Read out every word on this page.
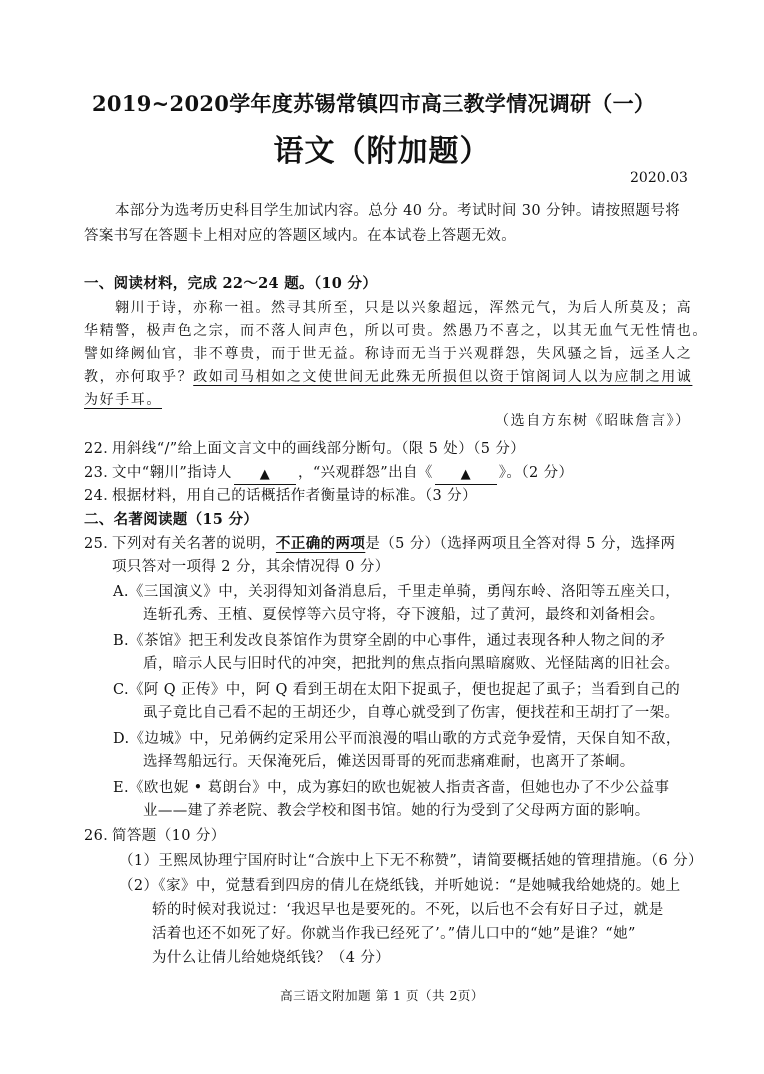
2019~2020学年度苏锡常镇四市高三教学情况调研（一）
语文（附加题）
2020.03
本部分为选考历史科目学生加试内容。总分 40 分。考试时间 30 分钟。请按照题号将
答案书写在答题卡上相对应的答题区域内。在本试卷上答题无效。
一、阅读材料，完成 22～24 题。（10 分）
翱川于诗，亦称一祖。然寻其所至，只是以兴象超远，浑然元气，为后人所莫及；高
华精警，极声色之宗，而不落人间声色，所以可贵。然愚乃不喜之，以其无血气无性情也。
譬如绛阙仙官，非不尊贵，而于世无益。称诗而无当于兴观群怨，失风骚之旨，远圣人之
教，亦何取乎？政如司马相如之文使世间无此殊无所损但以资于馆阁词人以为应制之用诚
为好手耳。
（选自方东树《昭昧詹言》）
22．用斜线“/”给上面文言文中的画线部分断句。（限 5 处）（5 分）
23．文中“翱川”指诗人 ▲ ，“兴观群怨”出自《 ▲ 》。（2 分）
24．根据材料，用自己的话概括作者衡量诗的标准。（3 分）
二、名著阅读题（15 分）
25．下列对有关名著的说明，不正确的两项是（5 分）（选择两项且全答对得 5 分，选择两
项只答对一项得 2 分，其余情况得 0 分）
A.《三国演义》中，关羽得知刘备消息后，千里走单骑，勇闯东岭、洛阳等五座关口，
连斩孔秀、王植、夏侯惇等六员守将，夺下渡船，过了黄河，最终和刘备相会。
B.《茶馆》把王利发改良茶馆作为贯穿全剧的中心事件，通过表现各种人物之间的矛
盾，暗示人民与旧时代的冲突，把批判的焦点指向黑暗腐败、光怪陆离的旧社会。
C.《阿 Q 正传》中，阿 Q 看到王胡在太阳下捉虱子，便也捉起了虱子；当看到自己的
虱子竟比自己看不起的王胡还少，自尊心就受到了伤害，便找茬和王胡打了一架。
D.《边城》中，兄弟俩约定采用公平而浪漫的唱山歌的方式竞争爱情，天保自知不敌，
选择驾船远行。天保淹死后，傩送因哥哥的死而悲痛难耐，也离开了茶峒。
E.《欧也妮 • 葛朗台》中，成为寡妇的欧也妮被人指责吝啬，但她也办了不少公益事
业——建了养老院、教会学校和图书馆。她的行为受到了父母两方面的影响。
26．简答题（10 分）
（1）王熙凤协理宁国府时让“合族中上下无不称赞”，请简要概括她的管理措施。（6 分）
（2）《家》中，觉慧看到四房的倩儿在烧纸钱，并听她说：“是她喊我给她烧的。她上
轿的时候对我说过：‘我迟早也是要死的。不死，以后也不会有好日子过，就是
活着也还不如死了好。你就当作我已经死了’。”倩儿口中的“她”是谁？“她”
为什么让倩儿给她烧纸钱？（4 分）
高三语文附加题 第 1 页（共 2页）
